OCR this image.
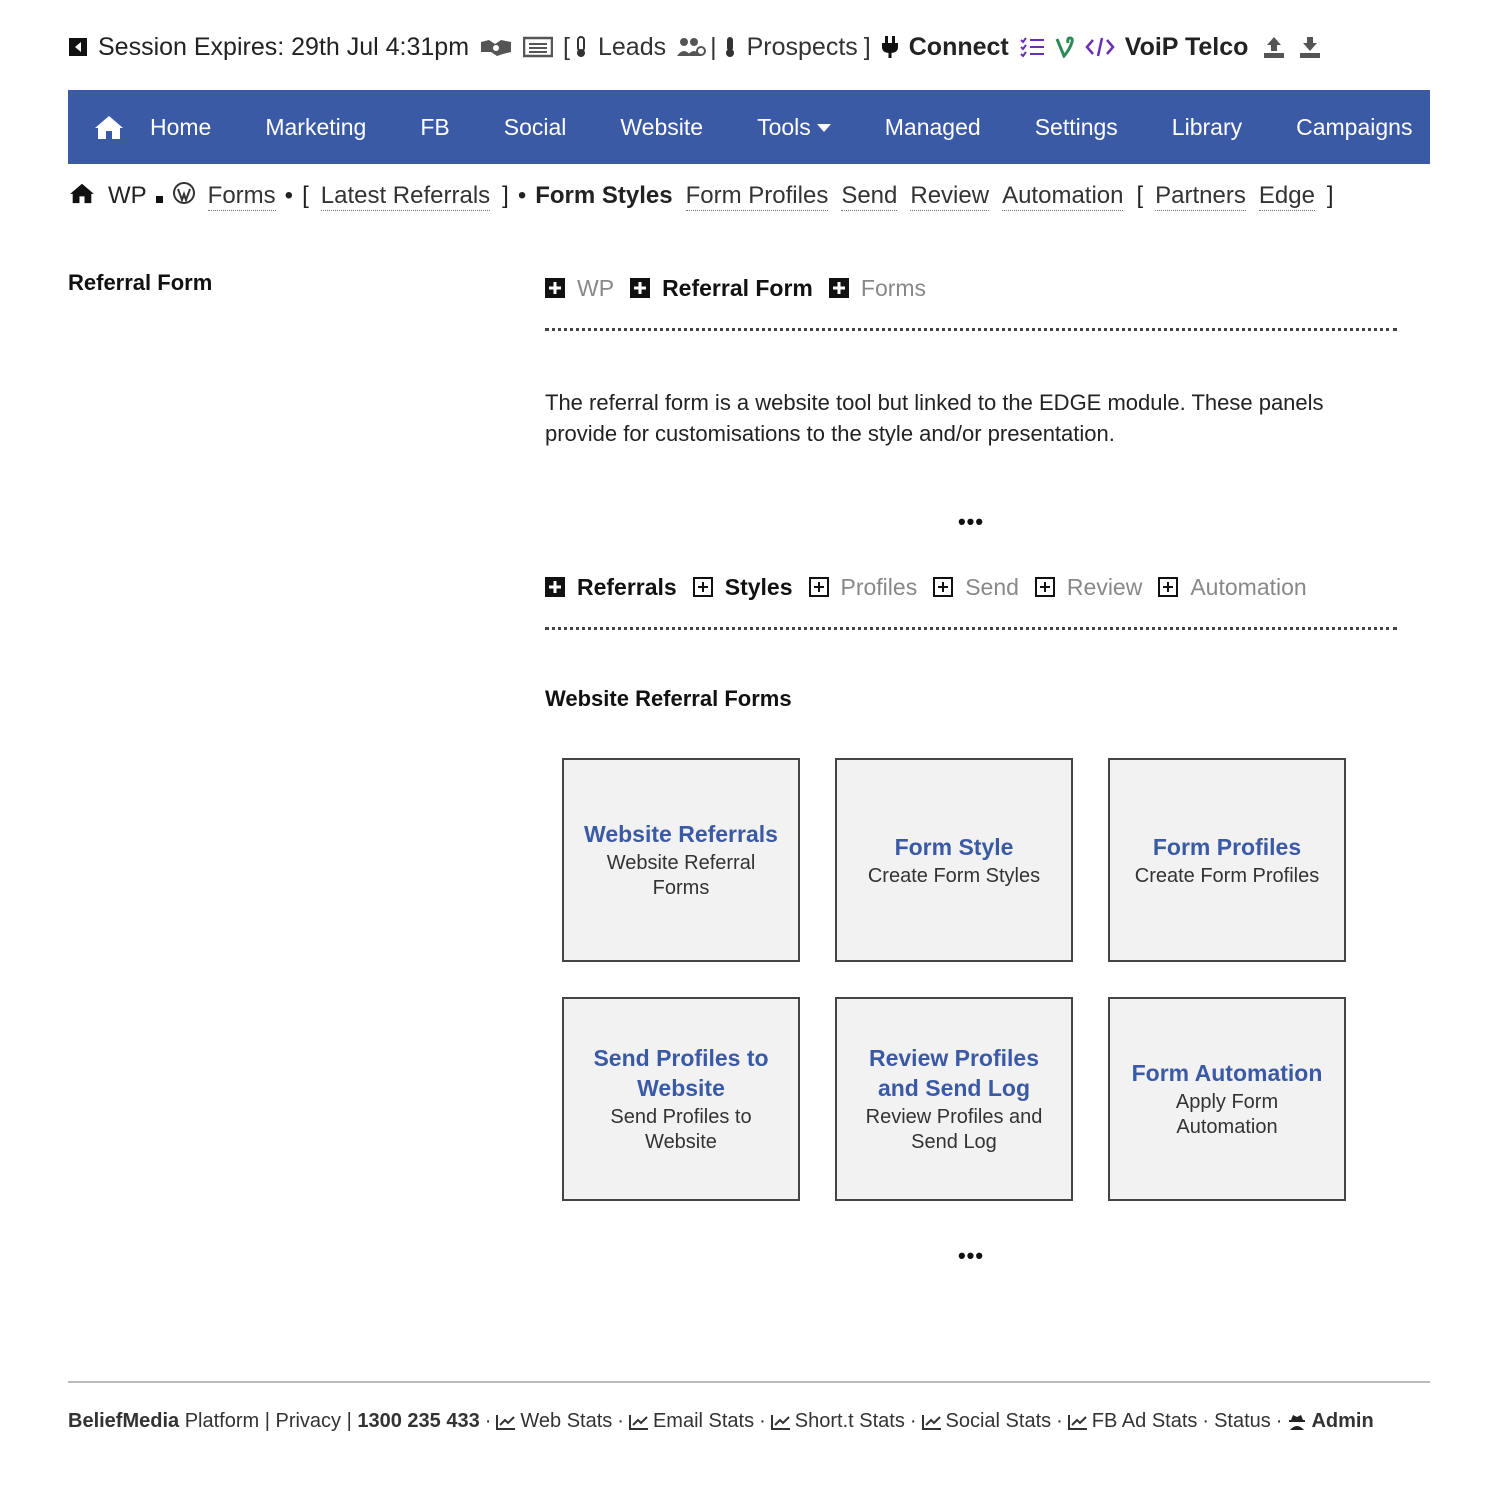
Session Expires: 29th Jul 4:31pm	[ Leads | Prospects ] Connect	VoiP Telco
Home Marketing FB Social Website Tools	Managed Settings Library Campaigns
WP	Forms • [ Latest Referrals ] • Form Styles Form Profiles Send Review Automation [ Partners Edge ]
Referral Form	WP Referral Form Forms

The referral form is a website tool but linked to the EDGE module. These panels provide for customisations to the style and/or presentation.

•••
Referrals Styles Profiles Send Review Automation
Website Referral Forms
Website Referrals
Website Referral Forms
Form Style
Create Form Styles
Form Profiles
Create Form Profiles
Send Profiles to Website
Send Profiles to Website
Review Profiles and Send Log
Review Profiles and Send Log
Form Automation
Apply Form Automation
•••
BeliefMedia Platform | Privacy | 1300 235 433 · Web Stats · Email Stats · Short.t Stats · Social Stats · FB Ad Stats · Status · Admin
